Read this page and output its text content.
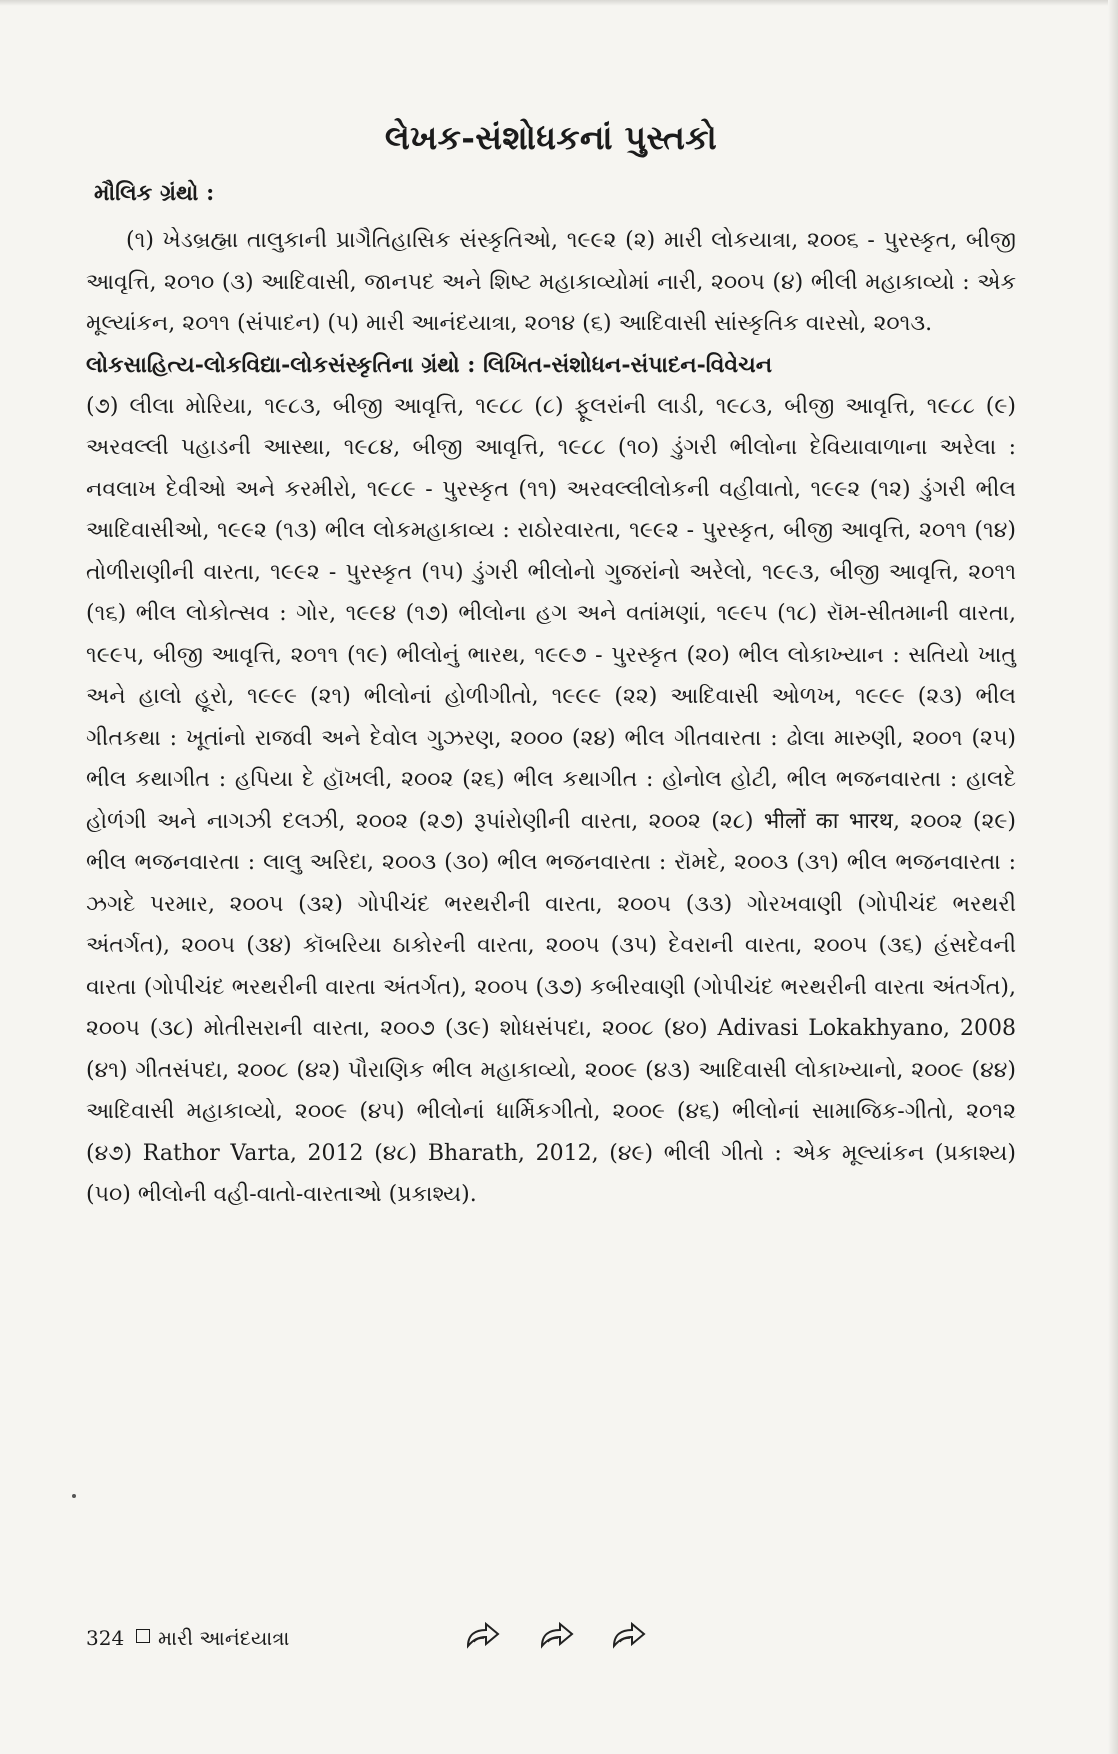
લેખક-સંશોધકનાં પુસ્તકો
મૌલિક ગ્રંથો :

(૧) ખેડબ્રહ્મા તાલુકાની પ્રાગૈતિહાસિક સંસ્કૃતિઓ, ૧૯૯૨ (૨) મારી લોકયાત્રા, ૨૦૦૬ - પુરસ્કૃત, બીજી આવૃત્તિ, ૨૦૧૦ (૩) આદિવાસી, જાનપદ અને શિષ્ટ મહાકાવ્યોમાં નારી, ૨૦૦૫ (૪) ભીલી મહાકાવ્યો : એક મૂલ્યાંકન, ૨૦૧૧ (સંપાદન) (૫) મારી આનંદયાત્રા, ૨૦૧૪ (૬) આદિવાસી સાંસ્કૃતિક વારસો, ૨૦૧૩.

લોકસાહિત્ય-લોકવિદ્યા-લોકસંસ્કૃતિના ગ્રંથો : લિખિત-સંશોધન-સંપાદન-વિવેચન

(૭) લીલા મોરિયા, ૧૯૮૩, બીજી આવૃત્તિ, ૧૯૮૮ (૮) ફૂલરાંની લાડી, ૧૯૮૩, બીજી આવૃત્તિ, ૧૯૮૮ (૯) અરવલ્લી પહાડની આસ્થા, ૧૯૮૪, બીજી આવૃત્તિ, ૧૯૮૮ (૧૦) ડુંગરી ભીલોના દેવિયાવાળાના અરેલા : નવલાખ દેવીઓ અને કરમીરો, ૧૯૮૯ - પુરસ્કૃત (૧૧) અરવલ્લીલોકની વહીવાતો, ૧૯૯૨ (૧૨) ડુંગરી ભીલ આદિવાસીઓ, ૧૯૯૨ (૧૩) ભીલ લોકમહાકાવ્ય : રાઠોરવારતા, ૧૯૯૨ - પુરસ્કૃત, બીજી આવૃત્તિ, ૨૦૧૧ (૧૪) તોળીરાણીની વારતા, ૧૯૯૨ - પુરસ્કૃત (૧૫) ડુંગરી ભીલોનો ગુજરાંનો અરેલો, ૧૯૯૩, બીજી આવૃત્તિ, ૨૦૧૧ (૧૬) ભીલ લોકોત્સવ : ગોર, ૧૯૯૪ (૧૭) ભીલોના હગ અને વતાંમણાં, ૧૯૯૫ (૧૮) રૉમ-સીતમાની વારતા, ૧૯૯૫, બીજી આવૃત્તિ, ૨૦૧૧ (૧૯) ભીલોનું ભારથ, ૧૯૯૭ - પુરસ્કૃત (૨૦) ભીલ લોકાખ્યાન : સતિયો ખાતુ અને હાલો હૂરો, ૧૯૯૯ (૨૧) ભીલોનાં હોળીગીતો, ૧૯૯૯ (૨૨) આદિવાસી ઓળખ, ૧૯૯૯ (૨૩) ભીલ ગીતકથા : ખૂતાંનો રાજવી અને દેવોલ ગુઝરણ, ૨૦૦૦ (૨૪) ભીલ ગીતવારતા : ઢોલા મારુણી, ૨૦૦૧ (૨૫) ભીલ કથાગીત : હપિયા દે હૉખલી, ૨૦૦૨ (૨૬) ભીલ કથાગીત : હોનોલ હોટી, ભીલ ભજનવારતા : હાલદે હોળંગી અને નાગઝી દલઝી, ૨૦૦૨ (૨૭) રૂપાંરોણીની વારતા, ૨૦૦૨ (૨૮) भीलों का भारथ, ૨૦૦૨ (૨૯) ભીલ ભજનવારતા : લાલુ અરિદા, ૨૦૦૩ (૩૦) ભીલ ભજનવારતા : રૉમદે, ૨૦૦૩ (૩૧) ભીલ ભજનવારતા : ઝગદે પરમાર, ૨૦૦૫ (૩૨) ગોપીચંદ ભરથરીની વારતા, ૨૦૦૫ (૩૩) ગોરખવાણી (ગોપીચંદ ભરથરી અંતર્ગત), ૨૦૦૫ (૩૪) કૉબરિયા ઠાકોરની વારતા, ૨૦૦૫ (૩૫) દેવરાની વારતા, ૨૦૦૫ (૩૬) હંસદેવની વારતા (ગોપીચંદ ભરથરીની વારતા અંતર્ગત), ૨૦૦૫ (૩૭) કબીરવાણી (ગોપીચંદ ભરથરીની વારતા અંતર્ગત), ૨૦૦૫ (૩૮) મોતીસરાની વારતા, ૨૦૦૭ (૩૯) શોધસંપદા, ૨૦૦૮ (૪૦) Adivasi Lokakhyano, 2008 (૪૧) ગીતસંપદા, ૨૦૦૮ (૪૨) પૌરાણિક ભીલ મહાકાવ્યો, ૨૦૦૯ (૪૩) આદિવાસી લોકાખ્યાનો, ૨૦૦૯ (૪૪) આદિવાસી મહાકાવ્યો, ૨૦૦૯ (૪૫) ભીલોનાં ધાર્મિકગીતો, ૨૦૦૯ (૪૬) ભીલોનાં સામાજિક-ગીતો, ૨૦૧૨ (૪૭) Rathor Varta, 2012 (૪૮) Bharath, 2012, (૪૯) ભીલી ગીતો : એક મૂલ્યાંકન (પ્રકાશ્ય) (૫૦) ભીલોની વહી-વાતો-વારતાઓ (પ્રકાશ્ય).

324 મારી આનંદયાત્રા
